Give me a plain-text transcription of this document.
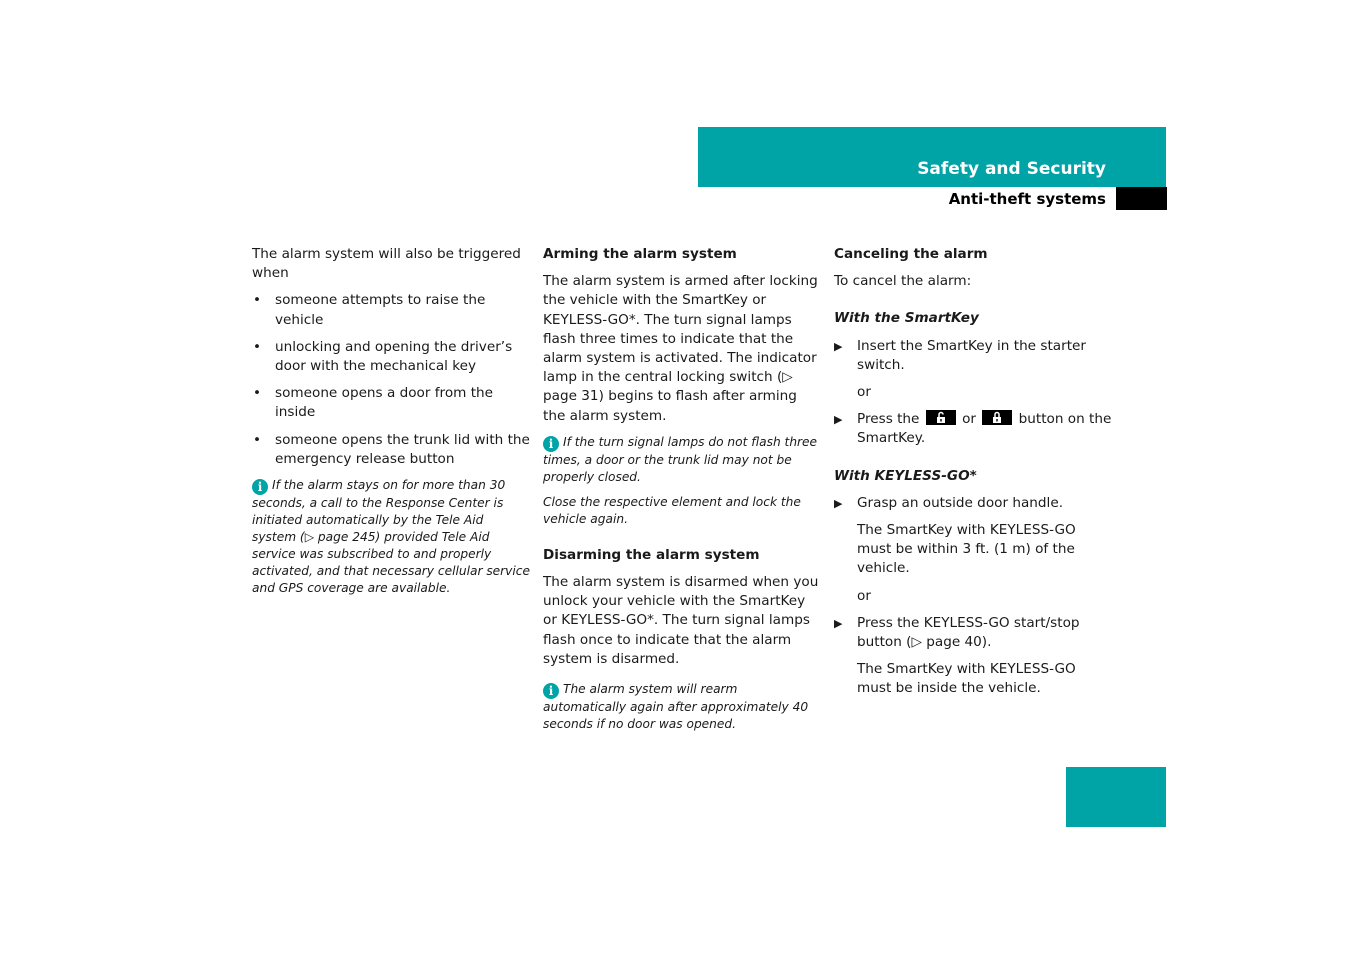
Safety and Security
Anti-theft systems

The alarm system will also be triggered when

• someone attempts to raise the vehicle
• unlocking and opening the driver’s door with the mechanical key
• someone opens a door from the inside
• someone opens the trunk lid with the emergency release button

i If the alarm stays on for more than 30 seconds, a call to the Response Center is initiated automatically by the Tele Aid system (▷ page 245) provided Tele Aid service was subscribed to and properly activated, and that necessary cellular service and GPS coverage are available.

Arming the alarm system

The alarm system is armed after locking the vehicle with the SmartKey or KEYLESS-GO*. The turn signal lamps flash three times to indicate that the alarm system is activated. The indicator lamp in the central locking switch (▷ page 31) begins to flash after arming the alarm system.

i If the turn signal lamps do not flash three times, a door or the trunk lid may not be properly closed.

Close the respective element and lock the vehicle again.

Disarming the alarm system

The alarm system is disarmed when you unlock your vehicle with the SmartKey or KEYLESS-GO*. The turn signal lamps flash once to indicate that the alarm system is disarmed.

i The alarm system will rearm automatically again after approximately 40 seconds if no door was opened.

Canceling the alarm

To cancel the alarm:

With the SmartKey

▶ Insert the SmartKey in the starter switch.

or

▶ Press the	or	button on the SmartKey.

With KEYLESS-GO*

▶ Grasp an outside door handle.

The SmartKey with KEYLESS-GO must be within 3 ft. (1 m) of the vehicle.

or

▶ Press the KEYLESS-GO start/stop button (▷ page 40).

The SmartKey with KEYLESS-GO must be inside the vehicle.

97
